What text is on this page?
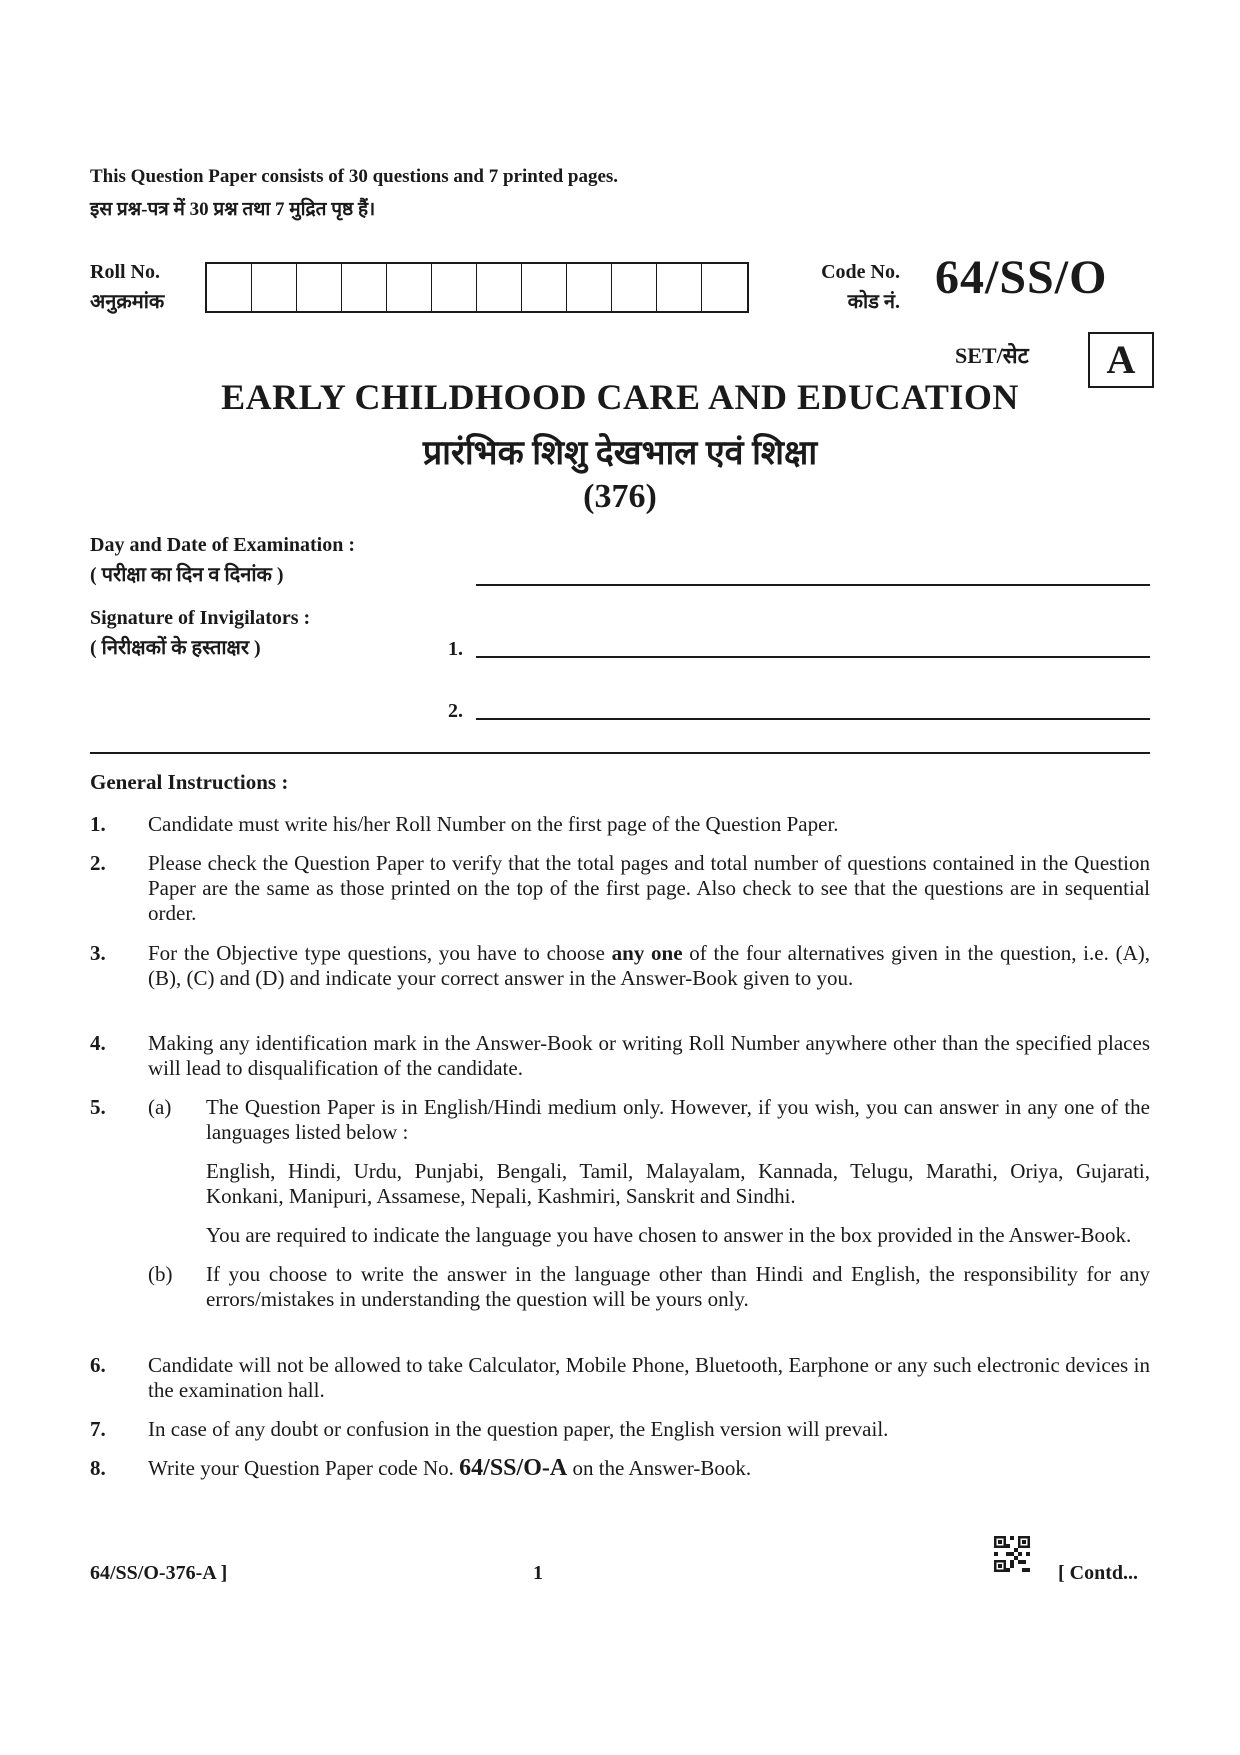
This Question Paper consists of 30 questions and 7 printed pages.
इस प्रश्न-पत्र में 30 प्रश्न तथा 7 मुद्रित पृष्ठ हैं।
Roll No.
अनुक्रमांक
Code No.
कोड नं. 64/SS/O
SET/सेट	A
EARLY CHILDHOOD CARE AND EDUCATION
प्रारंभिक शिशु देखभाल एवं शिक्षा
(376)
Day and Date of Examination :
( परीक्षा का दिन व दिनांक )
Signature of Invigilators :
( निरीक्षकों के हस्ताक्षर )	1.
2.
General Instructions :
1.	Candidate must write his/her Roll Number on the first page of the Question Paper.
2.	Please check the Question Paper to verify that the total pages and total number of questions contained in the Question Paper are the same as those printed on the top of the first page. Also check to see that the questions are in sequential order.
3.	For the Objective type questions, you have to choose any one of the four alternatives given in the question, i.e. (A), (B), (C) and (D) and indicate your correct answer in the Answer-Book given to you.
4.	Making any identification mark in the Answer-Book or writing Roll Number anywhere other than the specified places will lead to disqualification of the candidate.
5.	(a)	The Question Paper is in English/Hindi medium only. However, if you wish, you can answer in any one of the languages listed below :
English, Hindi, Urdu, Punjabi, Bengali, Tamil, Malayalam, Kannada, Telugu, Marathi, Oriya, Gujarati, Konkani, Manipuri, Assamese, Nepali, Kashmiri, Sanskrit and Sindhi.
You are required to indicate the language you have chosen to answer in the box provided in the Answer-Book.
(b)	If you choose to write the answer in the language other than Hindi and English, the responsibility for any errors/mistakes in understanding the question will be yours only.
6.	Candidate will not be allowed to take Calculator, Mobile Phone, Bluetooth, Earphone or any such electronic devices in the examination hall.
7.	In case of any doubt or confusion in the question paper, the English version will prevail.
8.	Write your Question Paper code No. 64/SS/O-A on the Answer-Book.
64/SS/O-376-A ]	1	[ Contd...
